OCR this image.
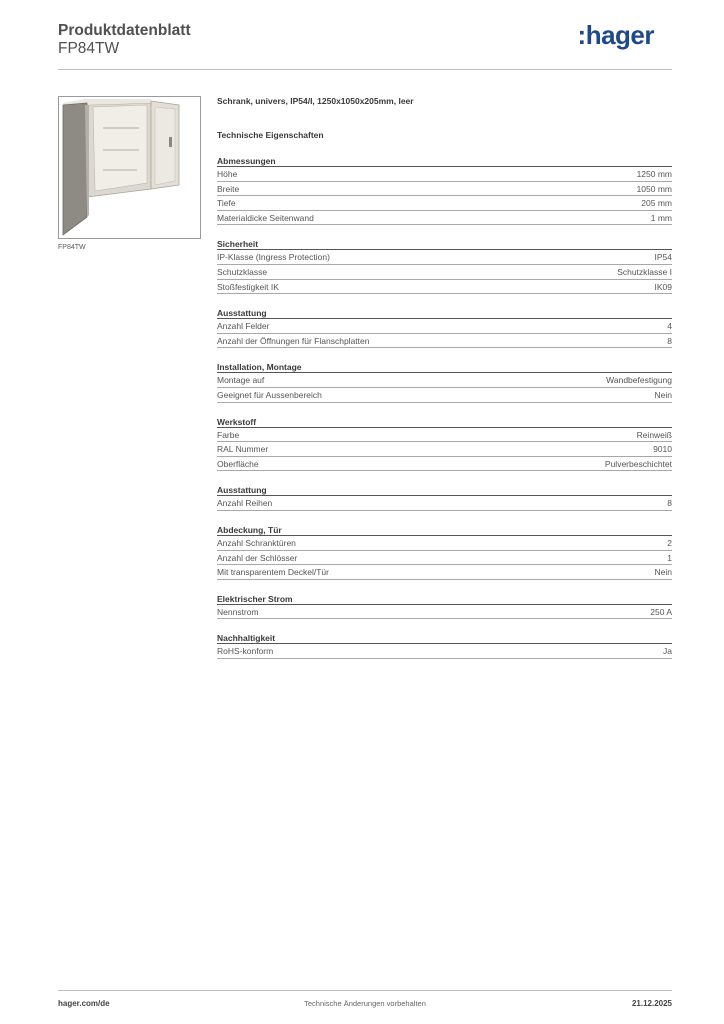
Produktdatenblatt
FP84TW	:hager
FP84TW
Schrank, univers, IP54/I, 1250x1050x205mm, leer
Technische Eigenschaften
Abmessungen
Höhe	1250 mm
Breite	1050 mm
Tiefe	205 mm
Materialdicke Seitenwand	1 mm
Sicherheit
IP-Klasse (Ingress Protection)	IP54
Schutzklasse	Schutzklasse I
Stoßfestigkeit IK	IK09
Ausstattung
Anzahl Felder	4
Anzahl der Öffnungen für Flanschplatten	8
Installation, Montage
Montage auf	Wandbefestigung
Geeignet für Aussenbereich	Nein
Werkstoff
Farbe	Reinweiß
RAL Nummer	9010
Oberfläche	Pulverbeschichtet
Ausstattung
Anzahl Reihen	8
Abdeckung, Tür
Anzahl Schranktüren	2
Anzahl der Schlösser	1
Mit transparentem Deckel/Tür	Nein
Elektrischer Strom
Nennstrom	250 A
Nachhaltigkeit
RoHS-konform	Ja
hager.com/de	Technische Änderungen vorbehalten	21.12.2025
